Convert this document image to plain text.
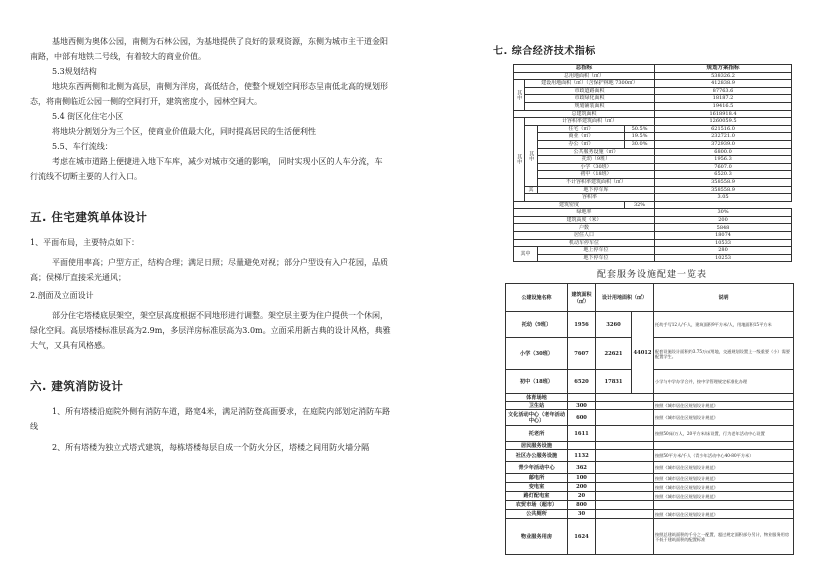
基地西侧为奥体公园，南侧为石林公园，为基地提供了良好的景观资源，东侧为城市主干道金阳

南路，中部有地铁二号线，有着较大的商业价值。

5.3规划结构

地块东西两侧和北侧为高层，南侧为洋房，高低结合，使整个规划空间形态呈南低北高的规划形

态，将南侧临近公园一侧的空间打开，建筑密度小，园林空间大。

5.4 街区化住宅小区

将地块分割划分为三个区，使商业价值最大化，同时提高居民的生活便利性

5.5、车行流线：

考虑在城市道路上便捷进入地下车库，减少对城市交通的影响， 同时实现小区的人车分流，车

行流线不切断主要的人行入口。

五. 住宅建筑单体设计

1、平面布局，主要特点如下：

平面使用率高；户型方正，结构合理；满足日照；尽量避免对视；部分户型设有入户花园，品质

高；侯梯厅直接采光通风；

2.剖面及立面设计

部分住宅塔楼底层架空，架空层高度根据不同地形进行调整。架空层主要为住户提供一个休闲，

绿化空间。高层塔楼标准层高为2.9m，多层洋房标准层高为3.0m。立面采用新古典的设计风格，典雅

大气，又具有风格感。

六. 建筑消防设计

1、所有塔楼沿庭院外侧有消防车道，路宽4米，满足消防登高面要求，在庭院内部划定消防车路

线

2、所有塔楼为独立式塔式建筑，每栋塔楼每层自成一个防火分区，塔楼之间用防火墙分隔

七. 综合经济技术指标
总指标				规划方案指标
总用地面积（㎡）				538326.2
其中	建设用地面积（㎡）（含保护林地 7300㎡）			412838.9
	市政道路面积			87763.6
	市政绿化面积			18187.2
	规划铺装面积			19416.5
总建筑面积				1618918.4
其中	计容积率建筑面积（㎡）			1260059.5
	其中	住宅（㎡）	50.5%	621516.0
		商业（㎡）	19.5%	232721.0
		办公（㎡）	30.0%	372939.0
		公共服务设施（㎡）		6800.0
		托幼（9班）		1956.3
		小学（30班）		7607.0
		初中（18班）		6520.3
		不计容积率建筑面积（㎡）		358558.9
	其	地下停车库		358558.9
	容积率			3.05
建筑密度			32%	
绿地率				30%
建筑高度（米）				200
户数				5848
居住人口				18074
机动车停车位				10533
其中		地上停车位		280
		地下停车位		10253
配套服务设施配建一览表
公建设施名称	建筑面积（㎡）	设计用地面积（㎡）		说明
托幼（9班）	1956	3260	44012	托幼手写12人/千人，建筑面积9平方米/人，用地面积15平方米
小学（30班）	7607	22621		配套设施设计面积约3.75万㎡用地，交通规划设置上一级重要（小）需要配置学生。
初中（18班）	6520	17831		小学与中学办学合并，按中学管理规定标准化办理
体育场地				
卫生站	300			按照《城市居住区规划设计规范》
文化活动中心（老年活动中心）	600			按照《城市居住区规划设计规范》
托老所	1611			按照50床/万人，20平方米/床设置，行为老年活动中心设置
居民服务设施				
社区办公服务设施	1132			按照50平方米/千人（青少年活动中心40-80平方米）
青少年活动中心	362			按照《城市居住区规划设计规范》
邮电所	100			按照《城市居住区规划设计规范》
变电室	200			按照《城市居住区规划设计规范》
路灯配电室	20			按照《城市居住区规划设计规范》
农贸市场（超市）	800			
公共厕所	30			按照《城市居住区规划设计规范》
物业服务用房	1624			按照总建筑面积的千分之一配置，超过规定面积部分另计，物业服务用房不低于建筑面积的配置标准
